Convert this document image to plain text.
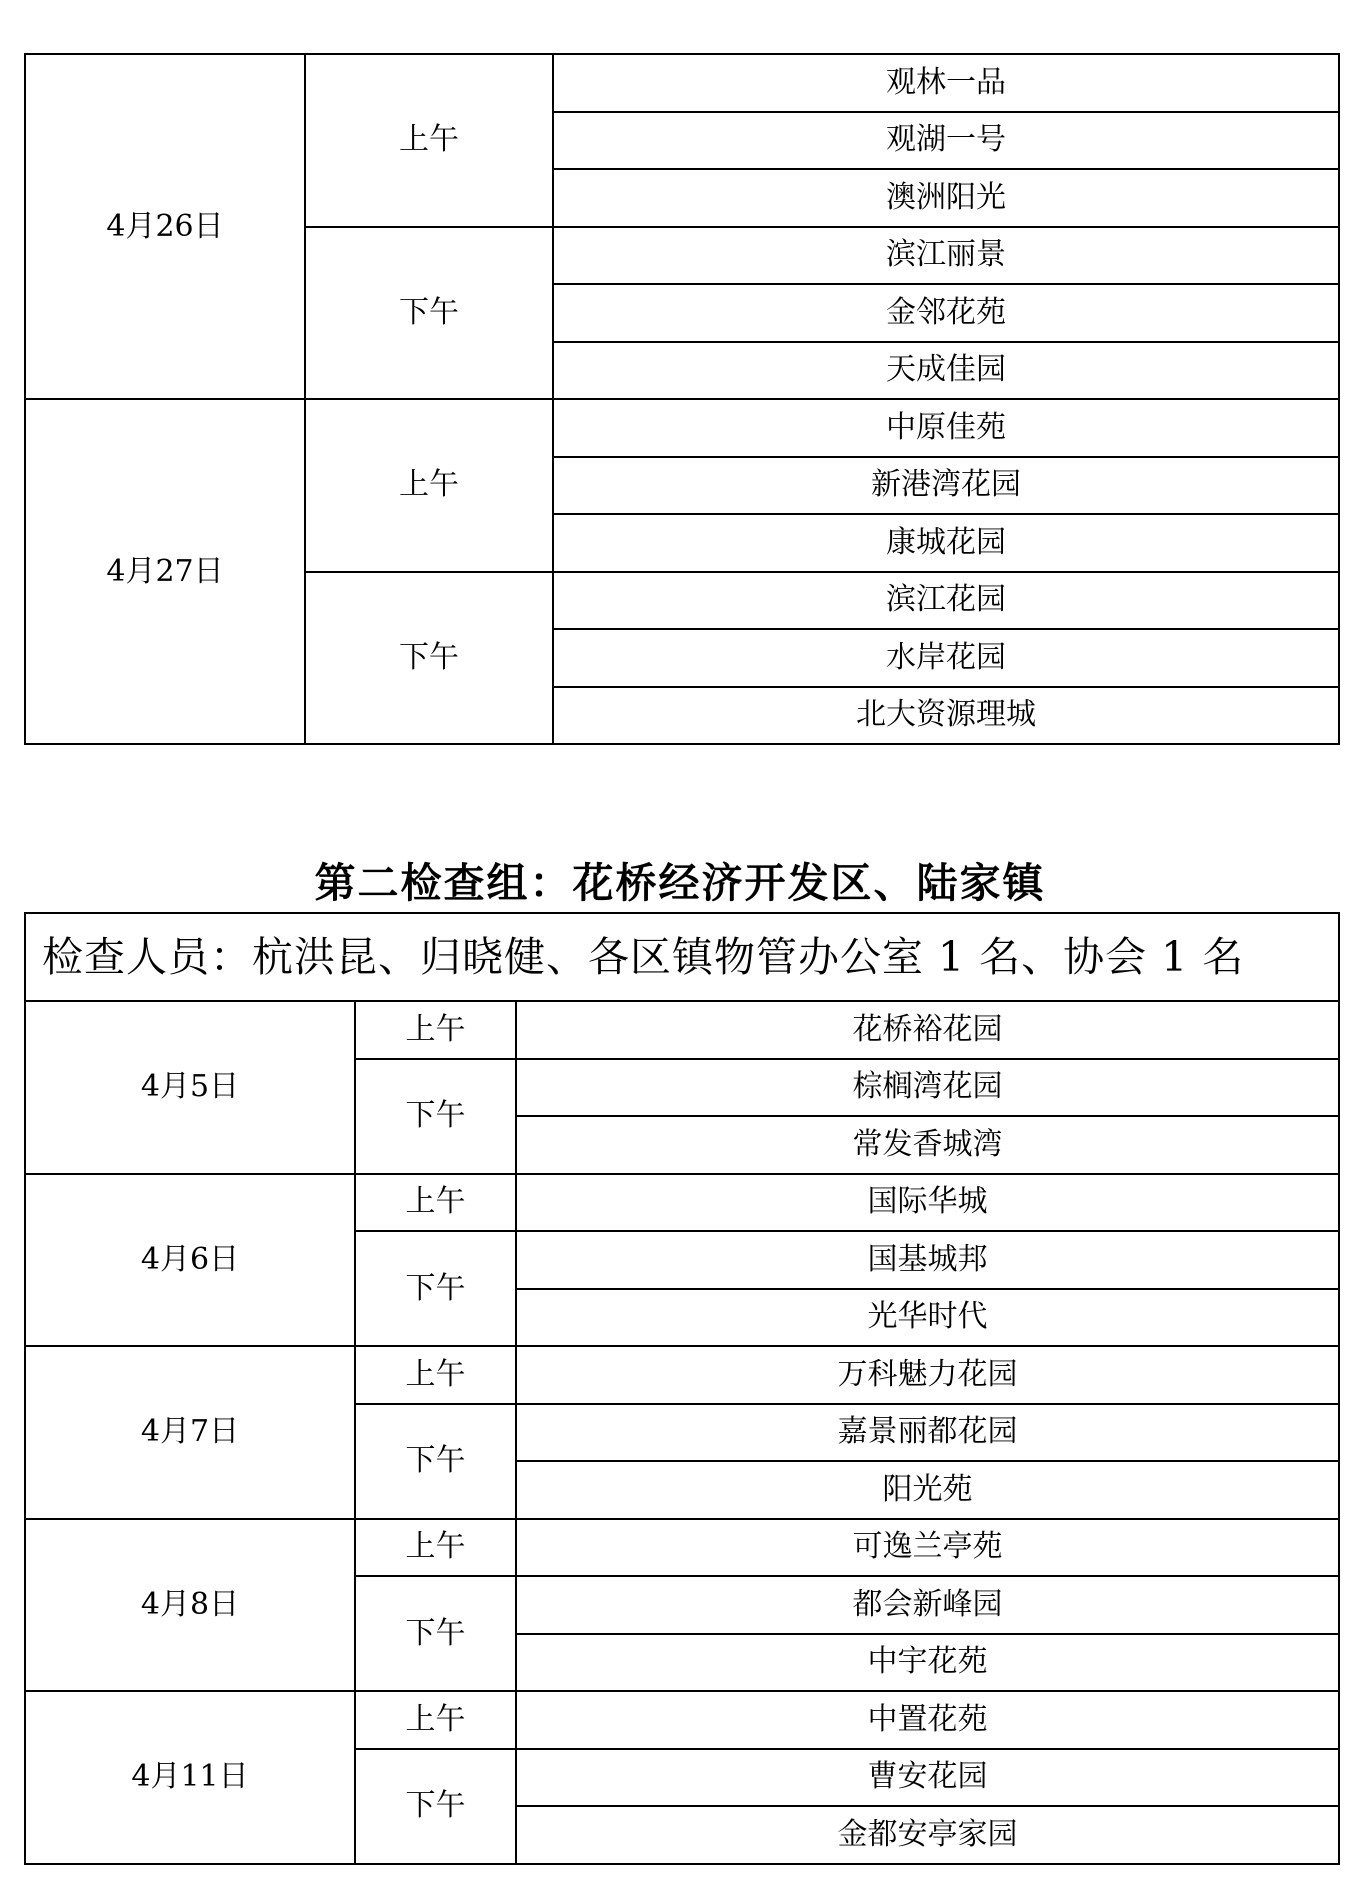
4月26日	上午	观林一品
		观湖一号
		澳洲阳光
	下午	滨江丽景
		金邻花苑
		天成佳园
4月27日	上午	中原佳苑
		新港湾花园
		康城花园
	下午	滨江花园
		水岸花园
		北大资源理城
第二检查组：花桥经济开发区、陆家镇
检查人员：杭洪昆、归晓健、各区镇物管办公室 1 名、协会 1 名		
4月5日	上午	花桥裕花园
	下午	棕榈湾花园
		常发香城湾
4月6日	上午	国际华城
	下午	国基城邦
		光华时代
4月7日	上午	万科魅力花园
	下午	嘉景丽都花园
		阳光苑
4月8日	上午	可逸兰亭苑
	下午	都会新峰园
		中宇花苑
4月11日	上午	中置花苑
	下午	曹安花园
		金都安亭家园
